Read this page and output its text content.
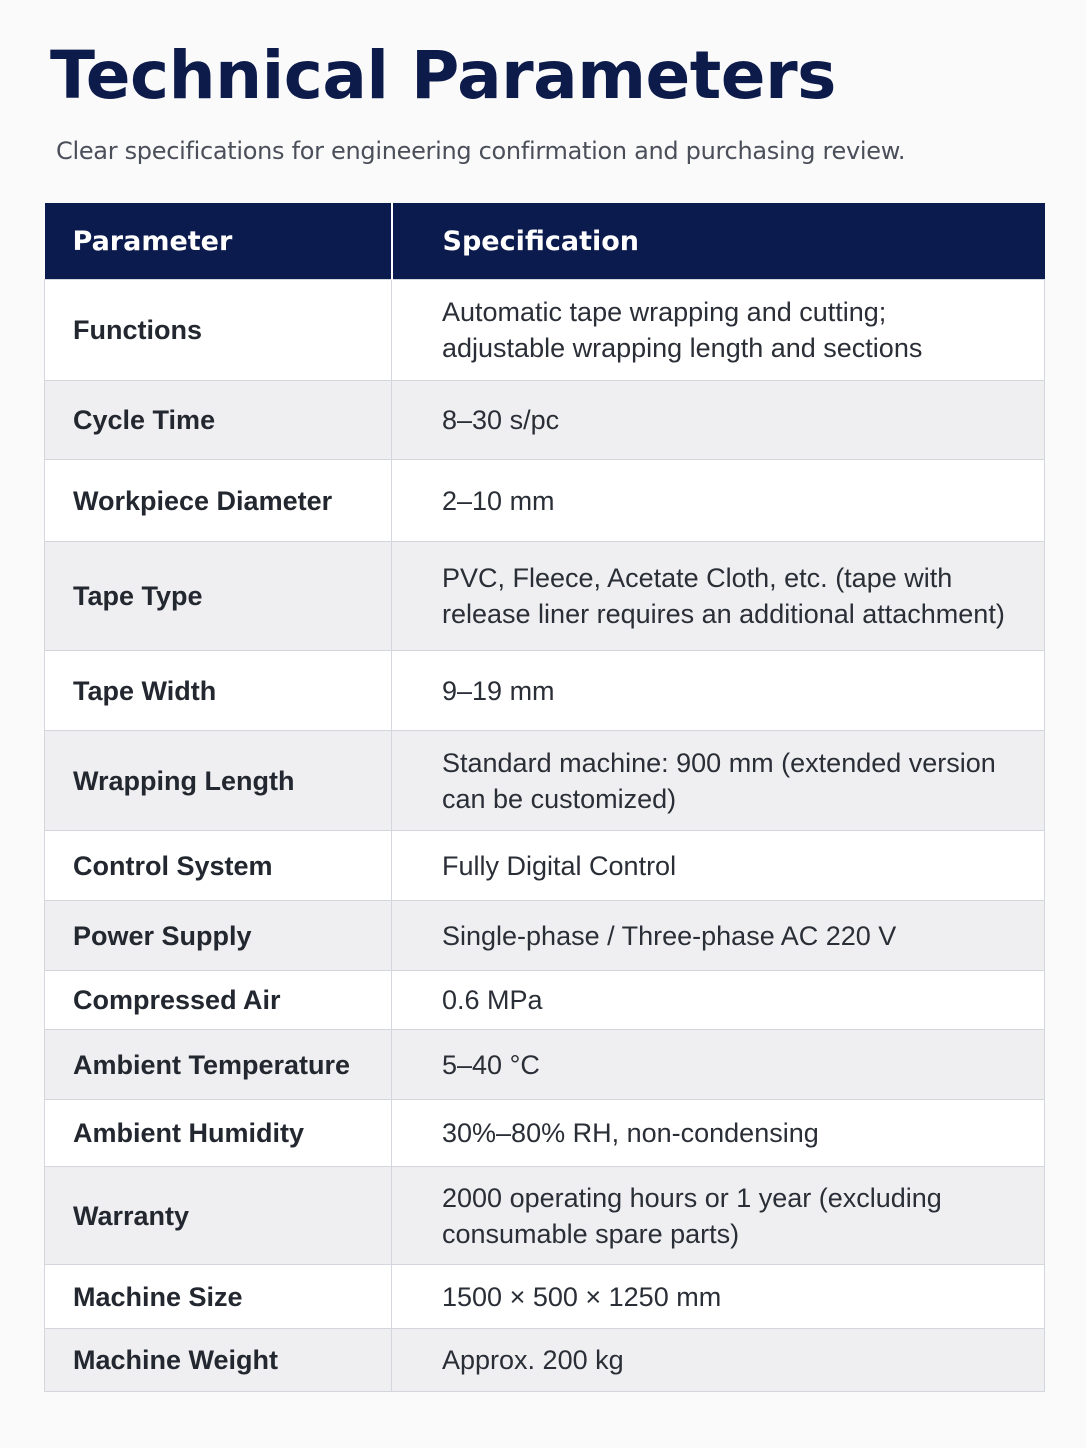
Technical Parameters

Clear specifications for engineering confirmation and purchasing review.

Parameter	Specification
Functions	Automatic tape wrapping and cutting; adjustable wrapping length and sections
Cycle Time	8–30 s/pc
Workpiece Diameter	2–10 mm
Tape Type	PVC, Fleece, Acetate Cloth, etc. (tape with release liner requires an additional attachment)
Tape Width	9–19 mm
Wrapping Length	Standard machine: 900 mm (extended version can be customized)
Control System	Fully Digital Control
Power Supply	Single-phase / Three-phase AC 220 V
Compressed Air	0.6 MPa
Ambient Temperature	5–40 °C
Ambient Humidity	30%–80% RH, non-condensing
Warranty	2000 operating hours or 1 year (excluding consumable spare parts)
Machine Size	1500 × 500 × 1250 mm
Machine Weight	Approx. 200 kg
